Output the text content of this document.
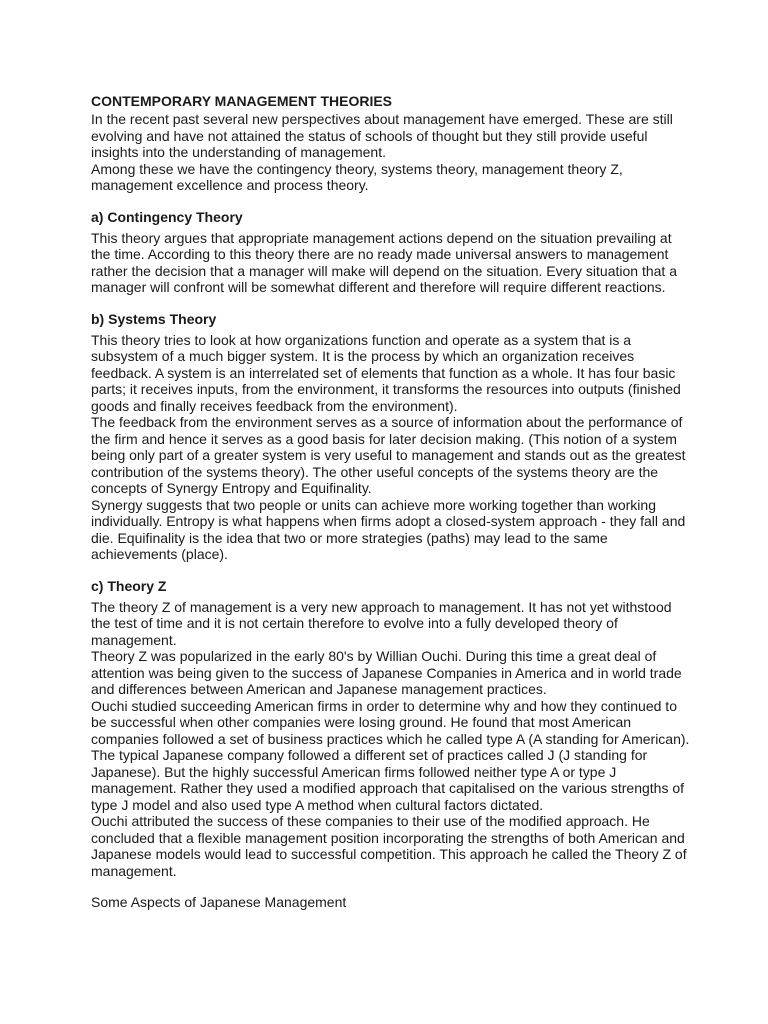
CONTEMPORARY MANAGEMENT THEORIES

In the recent past several new perspectives about management have emerged. These are still evolving and have not attained the status of schools of thought but they still provide useful insights into the understanding of management.

Among these we have the contingency theory, systems theory, management theory Z, management excellence and process theory.

a) Contingency Theory

This theory argues that appropriate management actions depend on the situation prevailing at the time. According to this theory there are no ready made universal answers to management rather the decision that a manager will make will depend on the situation. Every situation that a manager will confront will be somewhat different and therefore will require different reactions.

b) Systems Theory

This theory tries to look at how organizations function and operate as a system that is a subsystem of a much bigger system. It is the process by which an organization receives feedback. A system is an interrelated set of elements that function as a whole. It has four basic parts; it receives inputs, from the environment, it transforms the resources into outputs (finished goods and finally receives feedback from the environment).

The feedback from the environment serves as a source of information about the performance of the firm and hence it serves as a good basis for later decision making. (This notion of a system being only part of a greater system is very useful to management and stands out as the greatest contribution of the systems theory). The other useful concepts of the systems theory are the concepts of Synergy Entropy and Equifinality.

Synergy suggests that two people or units can achieve more working together than working individually. Entropy is what happens when firms adopt a closed-system approach - they fall and die. Equifinality is the idea that two or more strategies (paths) may lead to the same achievements (place).

c) Theory Z

The theory Z of management is a very new approach to management. It has not yet withstood the test of time and it is not certain therefore to evolve into a fully developed theory of management.

Theory Z was popularized in the early 80's by Willian Ouchi. During this time a great deal of attention was being given to the success of Japanese Companies in America and in world trade and differences between American and Japanese management practices.

Ouchi studied succeeding American firms in order to determine why and how they continued to be successful when other companies were losing ground. He found that most American companies followed a set of business practices which he called type A (A standing for American). The typical Japanese company followed a different set of practices called J (J standing for Japanese). But the highly successful American firms followed neither type A or type J management. Rather they used a modified approach that capitalised on the various strengths of type J model and also used type A method when cultural factors dictated.

Ouchi attributed the success of these companies to their use of the modified approach. He concluded that a flexible management position incorporating the strengths of both American and Japanese models would lead to successful competition. This approach he called the Theory Z of management.

Some Aspects of Japanese Management
